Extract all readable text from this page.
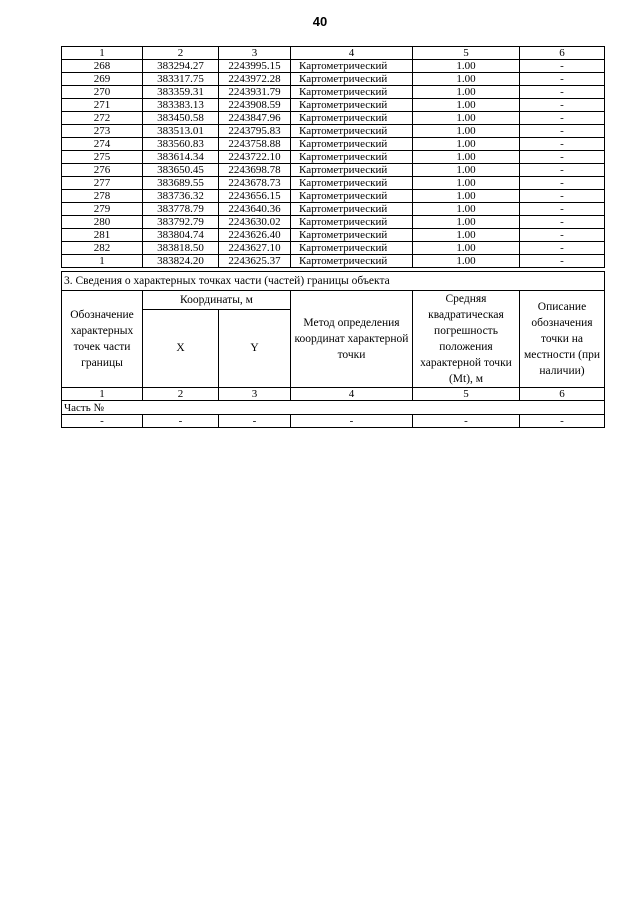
40
1	2	3	4	5	6
268	383294.27	2243995.15	Картометрический	1.00	-
269	383317.75	2243972.28	Картометрический	1.00	-
270	383359.31	2243931.79	Картометрический	1.00	-
271	383383.13	2243908.59	Картометрический	1.00	-
272	383450.58	2243847.96	Картометрический	1.00	-
273	383513.01	2243795.83	Картометрический	1.00	-
274	383560.83	2243758.88	Картометрический	1.00	-
275	383614.34	2243722.10	Картометрический	1.00	-
276	383650.45	2243698.78	Картометрический	1.00	-
277	383689.55	2243678.73	Картометрический	1.00	-
278	383736.32	2243656.15	Картометрический	1.00	-
279	383778.79	2243640.36	Картометрический	1.00	-
280	383792.79	2243630.02	Картометрический	1.00	-
281	383804.74	2243626.40	Картометрический	1.00	-
282	383818.50	2243627.10	Картометрический	1.00	-
1	383824.20	2243625.37	Картометрический	1.00	-

3. Сведения о характерных точках части (частей) границы объекта					
Обозначение характерных точек части границы	Координаты, м		Метод определения координат характерной точки	Средняя квадратическая погрешность положения характерной точки (Mt), м	Описание обозначения точки на местности (при наличии)
	X	Y			
1	2	3	4	5	6
Часть №					
-	-	-	-	-	-
